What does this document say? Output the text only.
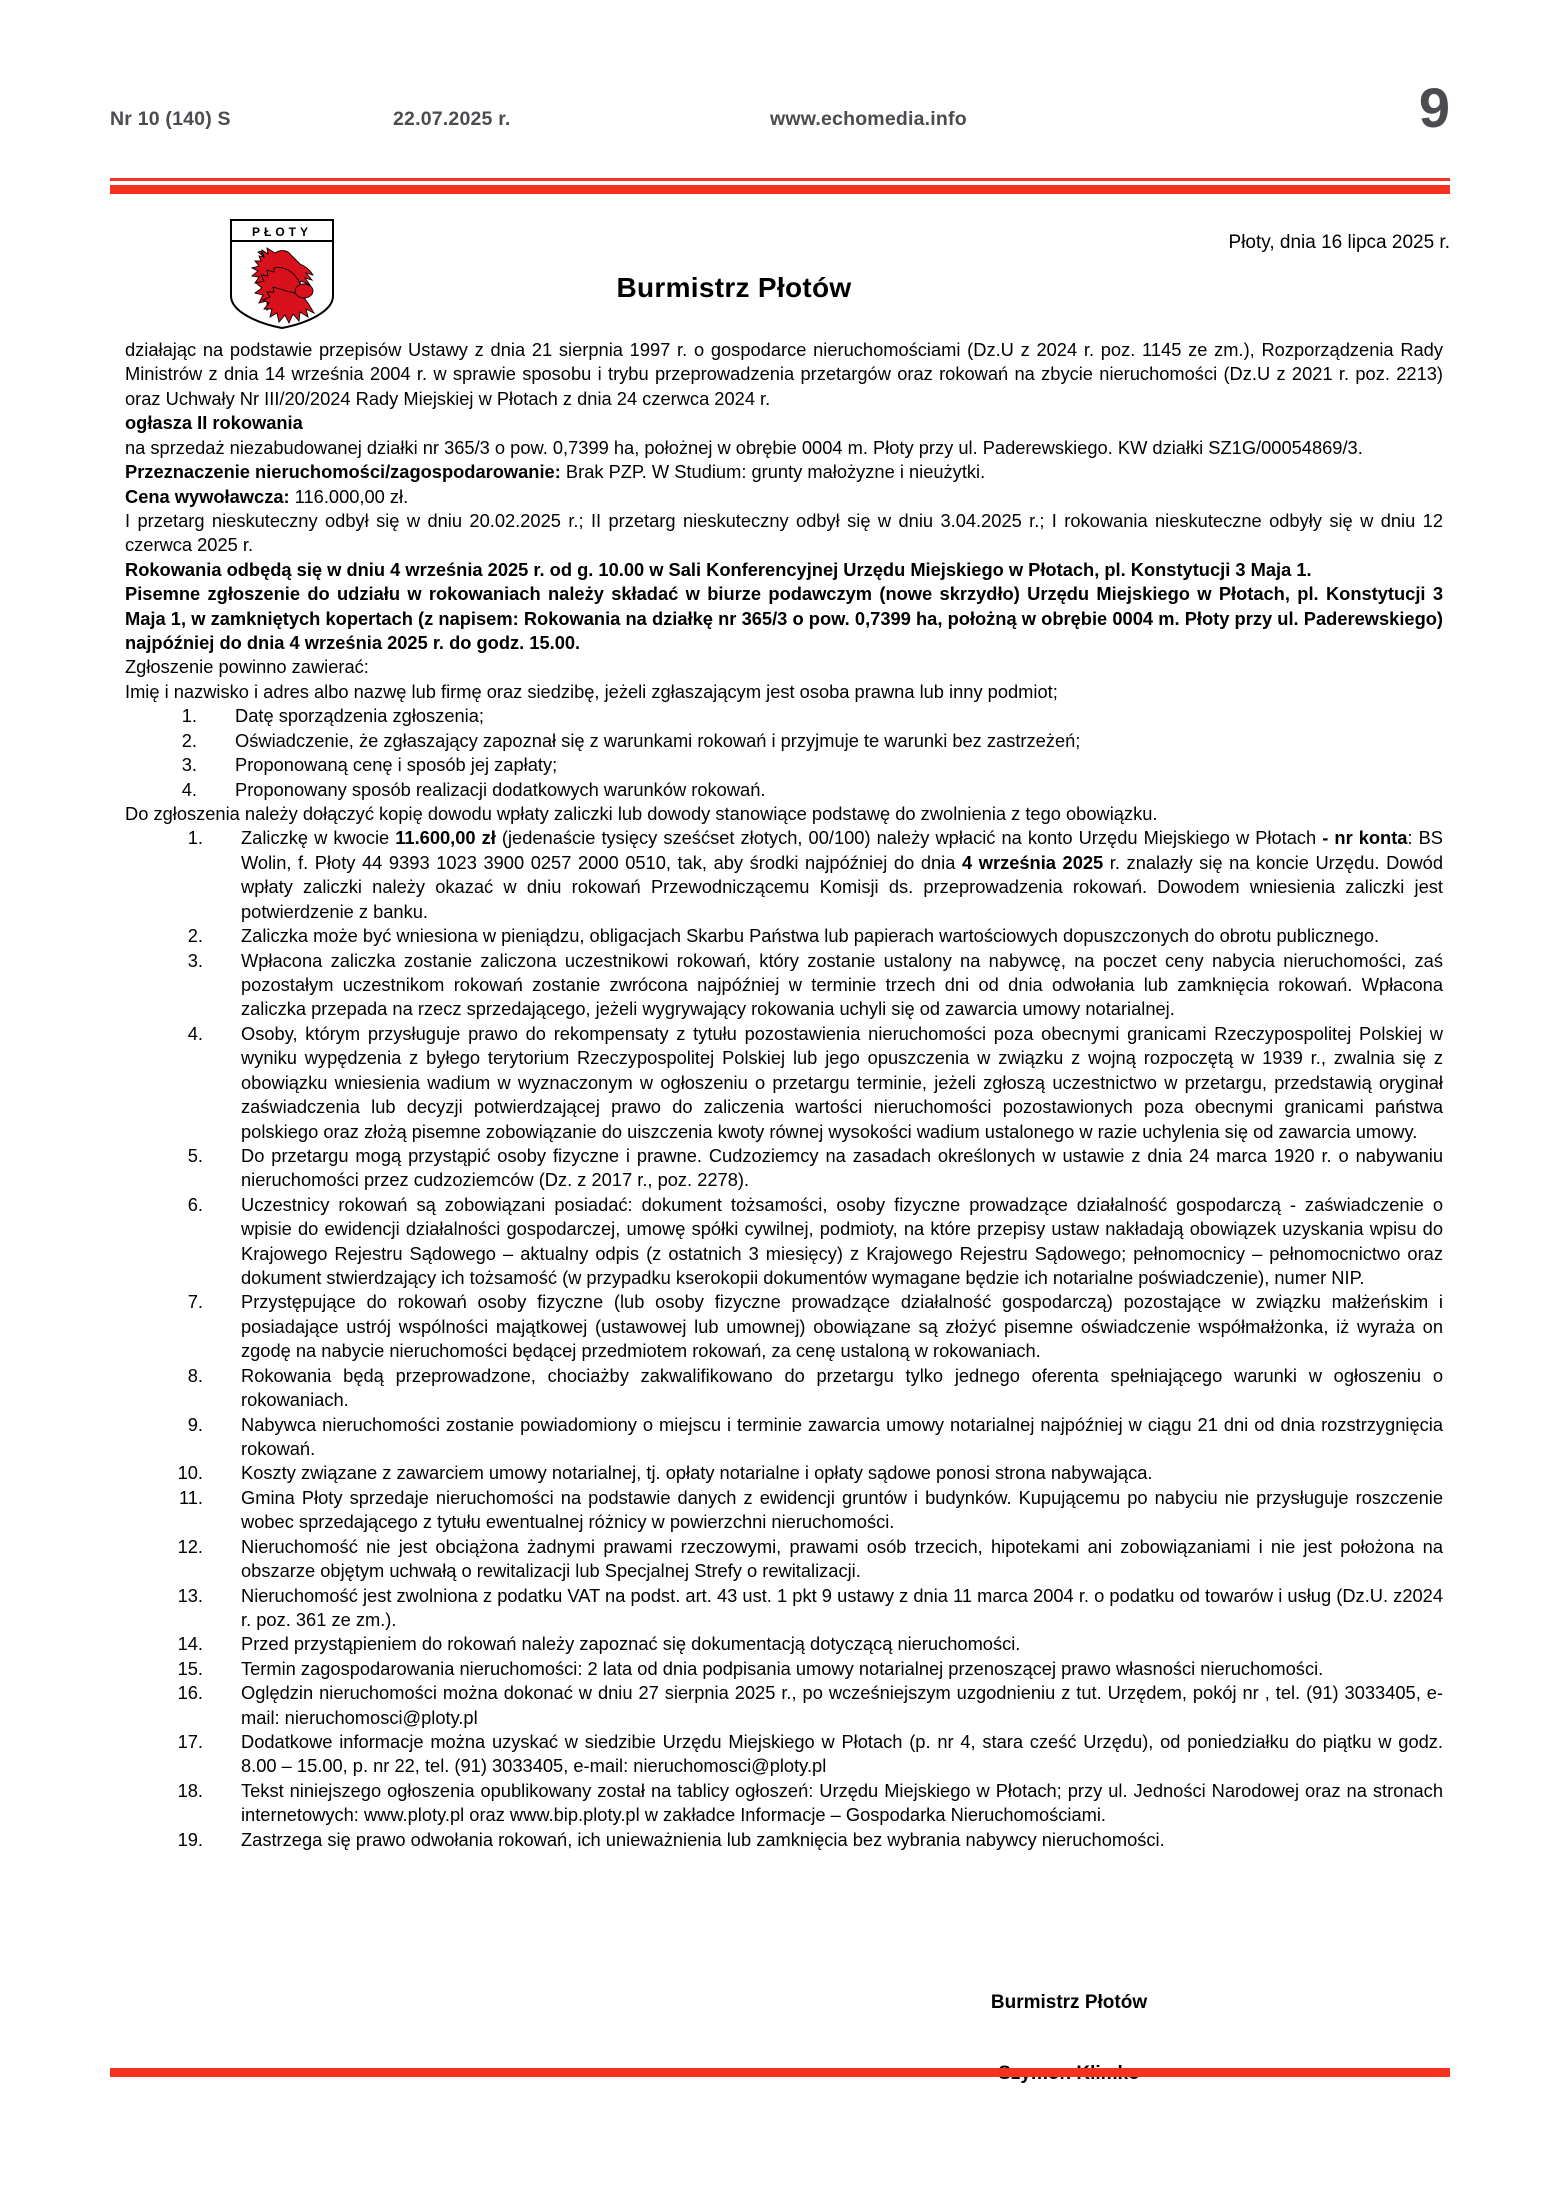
Nr 10 (140) S	22.07.2025 r.	www.echomedia.info	9
PŁOTY	Płoty, dnia 16 lipca 2025 r.
Burmistrz Płotów

działając na podstawie przepisów Ustawy z dnia 21 sierpnia 1997 r. o gospodarce nieruchomościami (Dz.U z 2024 r. poz. 1145 ze zm.), Rozporządzenia Rady Ministrów z dnia 14 września 2004 r. w sprawie sposobu i trybu przeprowadzenia przetargów oraz rokowań na zbycie nieruchomości (Dz.U z 2021 r. poz. 2213) oraz Uchwały Nr III/20/2024 Rady Miejskiej w Płotach z dnia 24 czerwca 2024 r.

ogłasza II rokowania

na sprzedaż niezabudowanej działki nr 365/3 o pow. 0,7399 ha, położnej w obrębie 0004 m. Płoty przy ul. Paderewskiego. KW działki SZ1G/00054869/3.

Przeznaczenie nieruchomości/zagospodarowanie: Brak PZP. W Studium: grunty małożyzne i nieużytki.

Cena wywoławcza: 116.000,00 zł.

I przetarg nieskuteczny odbył się w dniu 20.02.2025 r.; II przetarg nieskuteczny odbył się w dniu 3.04.2025 r.; I rokowania nieskuteczne odbyły się w dniu 12 czerwca 2025 r.

Rokowania odbędą się w dniu 4 września 2025 r. od g. 10.00 w Sali Konferencyjnej Urzędu Miejskiego w Płotach, pl. Konstytucji 3 Maja 1.

Pisemne zgłoszenie do udziału w rokowaniach należy składać w biurze podawczym (nowe skrzydło) Urzędu Miejskiego w Płotach, pl. Konstytucji 3 Maja 1, w zamkniętych kopertach (z napisem: Rokowania na działkę nr 365/3 o pow. 0,7399 ha, położną w obrębie 0004 m. Płoty przy ul. Paderewskiego) najpóźniej do dnia 4 września 2025 r. do godz. 15.00.

Zgłoszenie powinno zawierać:

Imię i nazwisko i adres albo nazwę lub firmę oraz siedzibę, jeżeli zgłaszającym jest osoba prawna lub inny podmiot;

1. Datę sporządzenia zgłoszenia;
2. Oświadczenie, że zgłaszający zapoznał się z warunkami rokowań i przyjmuje te warunki bez zastrzeżeń;
3. Proponowaną cenę i sposób jej zapłaty;
4. Proponowany sposób realizacji dodatkowych warunków rokowań.

Do zgłoszenia należy dołączyć kopię dowodu wpłaty zaliczki lub dowody stanowiące podstawę do zwolnienia z tego obowiązku.

1. Zaliczkę w kwocie 11.600,00 zł (jedenaście tysięcy sześćset złotych, 00/100) należy wpłacić na konto Urzędu Miejskiego w Płotach - nr konta: BS Wolin, f. Płoty 44 9393 1023 3900 0257 2000 0510, tak, aby środki najpóźniej do dnia 4 września 2025 r. znalazły się na koncie Urzędu. Dowód wpłaty zaliczki należy okazać w dniu rokowań Przewodniczącemu Komisji ds. przeprowadzenia rokowań. Dowodem wniesienia zaliczki jest potwierdzenie z banku.
2. Zaliczka może być wniesiona w pieniądzu, obligacjach Skarbu Państwa lub papierach wartościowych dopuszczonych do obrotu publicznego.
3. Wpłacona zaliczka zostanie zaliczona uczestnikowi rokowań, który zostanie ustalony na nabywcę, na poczet ceny nabycia nieruchomości, zaś pozostałym uczestnikom rokowań zostanie zwrócona najpóźniej w terminie trzech dni od dnia odwołania lub zamknięcia rokowań. Wpłacona zaliczka przepada na rzecz sprzedającego, jeżeli wygrywający rokowania uchyli się od zawarcia umowy notarialnej.
4. Osoby, którym przysługuje prawo do rekompensaty z tytułu pozostawienia nieruchomości poza obecnymi granicami Rzeczypospolitej Polskiej w wyniku wypędzenia z byłego terytorium Rzeczypospolitej Polskiej lub jego opuszczenia w związku z wojną rozpoczętą w 1939 r., zwalnia się z obowiązku wniesienia wadium w wyznaczonym w ogłoszeniu o przetargu terminie, jeżeli zgłoszą uczestnictwo w przetargu, przedstawią oryginał zaświadczenia lub decyzji potwierdzającej prawo do zaliczenia wartości nieruchomości pozostawionych poza obecnymi granicami państwa polskiego oraz złożą pisemne zobowiązanie do uiszczenia kwoty równej wysokości wadium ustalonego w razie uchylenia się od zawarcia umowy.
5. Do przetargu mogą przystąpić osoby fizyczne i prawne. Cudzoziemcy na zasadach określonych w ustawie z dnia 24 marca 1920 r. o nabywaniu nieruchomości przez cudzoziemców (Dz. z 2017 r., poz. 2278).
6. Uczestnicy rokowań są zobowiązani posiadać: dokument tożsamości, osoby fizyczne prowadzące działalność gospodarczą - zaświadczenie o wpisie do ewidencji działalności gospodarczej, umowę spółki cywilnej, podmioty, na które przepisy ustaw nakładają obowiązek uzyskania wpisu do Krajowego Rejestru Sądowego – aktualny odpis (z ostatnich 3 miesięcy) z Krajowego Rejestru Sądowego; pełnomocnicy – pełnomocnictwo oraz dokument stwierdzający ich tożsamość (w przypadku kserokopii dokumentów wymagane będzie ich notarialne poświadczenie), numer NIP.
7. Przystępujące do rokowań osoby fizyczne (lub osoby fizyczne prowadzące działalność gospodarczą) pozostające w związku małżeńskim i posiadające ustrój wspólności majątkowej (ustawowej lub umownej) obowiązane są złożyć pisemne oświadczenie współmałżonka, iż wyraża on zgodę na nabycie nieruchomości będącej przedmiotem rokowań, za cenę ustaloną w rokowaniach.
8. Rokowania będą przeprowadzone, chociażby zakwalifikowano do przetargu tylko jednego oferenta spełniającego warunki w ogłoszeniu o rokowaniach.
9. Nabywca nieruchomości zostanie powiadomiony o miejscu i terminie zawarcia umowy notarialnej najpóźniej w ciągu 21 dni od dnia rozstrzygnięcia rokowań.
10. Koszty związane z zawarciem umowy notarialnej, tj. opłaty notarialne i opłaty sądowe ponosi strona nabywająca.
11. Gmina Płoty sprzedaje nieruchomości na podstawie danych z ewidencji gruntów i budynków. Kupującemu po nabyciu nie przysługuje roszczenie wobec sprzedającego z tytułu ewentualnej różnicy w powierzchni nieruchomości.
12. Nieruchomość nie jest obciążona żadnymi prawami rzeczowymi, prawami osób trzecich, hipotekami ani zobowiązaniami i nie jest położona na obszarze objętym uchwałą o rewitalizacji lub Specjalnej Strefy o rewitalizacji.
13. Nieruchomość jest zwolniona z podatku VAT na podst. art. 43 ust. 1 pkt 9 ustawy z dnia 11 marca 2004 r. o podatku od towarów i usług (Dz.U. z2024 r. poz. 361 ze zm.).
14. Przed przystąpieniem do rokowań należy zapoznać się dokumentacją dotyczącą nieruchomości.
15. Termin zagospodarowania nieruchomości: 2 lata od dnia podpisania umowy notarialnej przenoszącej prawo własności nieruchomości.
16. Oględzin nieruchomości można dokonać w dniu 27 sierpnia 2025 r., po wcześniejszym uzgodnieniu z tut. Urzędem, pokój nr , tel. (91) 3033405, e-mail: nieruchomosci@ploty.pl
17. Dodatkowe informacje można uzyskać w siedzibie Urzędu Miejskiego w Płotach (p. nr 4, stara cześć Urzędu), od poniedziałku do piątku w godz. 8.00 – 15.00, p. nr 22, tel. (91) 3033405, e-mail: nieruchomosci@ploty.pl
18. Tekst niniejszego ogłoszenia opublikowany został na tablicy ogłoszeń: Urzędu Miejskiego w Płotach; przy ul. Jedności Narodowej oraz na stronach internetowych: www.ploty.pl oraz www.bip.ploty.pl w zakładce Informacje – Gospodarka Nieruchomościami.
19. Zastrzega się prawo odwołania rokowań, ich unieważnienia lub zamknięcia bez wybrania nabywcy nieruchomości.
Burmistrz Płotów
